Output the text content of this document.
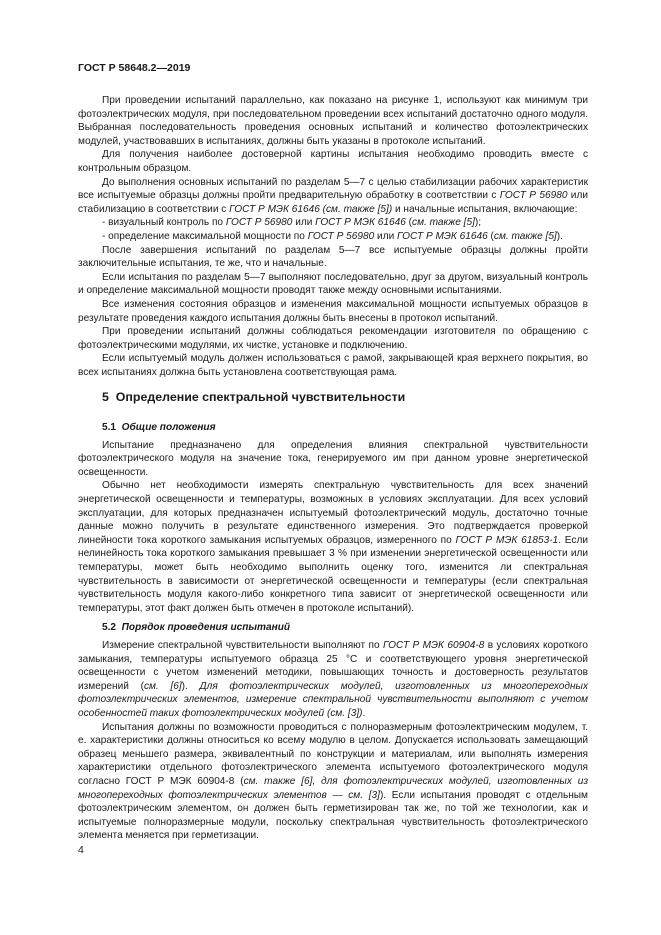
ГОСТ Р 58648.2—2019

При проведении испытаний параллельно, как показано на рисунке 1, используют как минимум три фотоэлектрических модуля, при последовательном проведении всех испытаний достаточно одного модуля. Выбранная последовательность проведения основных испытаний и количество фотоэлектрических модулей, участвовавших в испытаниях, должны быть указаны в протоколе испытаний.

Для получения наиболее достоверной картины испытания необходимо проводить вместе с контрольным образцом.

До выполнения основных испытаний по разделам 5—7 с целью стабилизации рабочих характеристик все испытуемые образцы должны пройти предварительную обработку в соответствии с ГОСТ Р 56980 или стабилизацию в соответствии с ГОСТ Р МЭК 61646 (см. также [5]) и начальные испытания, включающие:

- визуальный контроль по ГОСТ Р 56980 или ГОСТ Р МЭК 61646 (см. также [5]);

- определение максимальной мощности по ГОСТ Р 56980 или ГОСТ Р МЭК 61646 (см. также [5]).

После завершения испытаний по разделам 5—7 все испытуемые образцы должны пройти заключительные испытания, те же, что и начальные.

Если испытания по разделам 5—7 выполняют последовательно, друг за другом, визуальный контроль и определение максимальной мощности проводят также между основными испытаниями.

Все изменения состояния образцов и изменения максимальной мощности испытуемых образцов в результате проведения каждого испытания должны быть внесены в протокол испытаний.

При проведении испытаний должны соблюдаться рекомендации изготовителя по обращению с фотоэлектрическими модулями, их чистке, установке и подключению.

Если испытуемый модуль должен использоваться с рамой, закрывающей края верхнего покрытия, во всех испытаниях должна быть установлена соответствующая рама.

5 Определение спектральной чувствительности

5.1 Общие положения

Испытание предназначено для определения влияния спектральной чувствительности фотоэлектрического модуля на значение тока, генерируемого им при данном уровне энергетической освещенности.

Обычно нет необходимости измерять спектральную чувствительность для всех значений энергетической освещенности и температуры, возможных в условиях эксплуатации. Для всех условий эксплуатации, для которых предназначен испытуемый фотоэлектрический модуль, достаточно точные данные можно получить в результате единственного измерения. Это подтверждается проверкой линейности тока короткого замыкания испытуемых образцов, измеренного по ГОСТ Р МЭК 61853-1. Если нелинейность тока короткого замыкания превышает 3 % при изменении энергетической освещенности или температуры, может быть необходимо выполнить оценку того, изменится ли спектральная чувствительность в зависимости от энергетической освещенности и температуры (если спектральная чувствительность модуля какого-либо конкретного типа зависит от энергетической освещенности или температуры, этот факт должен быть отмечен в протоколе испытаний).

5.2 Порядок проведения испытаний

Измерение спектральной чувствительности выполняют по ГОСТ Р МЭК 60904-8 в условиях короткого замыкания, температуры испытуемого образца 25 °С и соответствующего уровня энергетической освещенности с учетом изменений методики, повышающих точность и достоверность результатов измерений (см. [6]). Для фотоэлектрических модулей, изготовленных из многопереходных фотоэлектрических элементов, измерение спектральной чувствительности выполняют с учетом особенностей таких фотоэлектрических модулей (см. [3]).

Испытания должны по возможности проводиться с полноразмерным фотоэлектрическим модулем, т. е. характеристики должны относиться ко всему модулю в целом. Допускается использовать замещающий образец меньшего размера, эквивалентный по конструкции и материалам, или выполнять измерения характеристики отдельного фотоэлектрического элемента испытуемого фотоэлектрического модуля согласно ГОСТ Р МЭК 60904-8 (см. также [6], для фотоэлектрических модулей, изготовленных из многопереходных фотоэлектрических элементов — см. [3]). Если испытания проводят с отдельным фотоэлектрическим элементом, он должен быть герметизирован так же, по той же технологии, как и испытуемые полноразмерные модули, поскольку спектральная чувствительность фотоэлектрического элемента меняется при герметизации.

4
